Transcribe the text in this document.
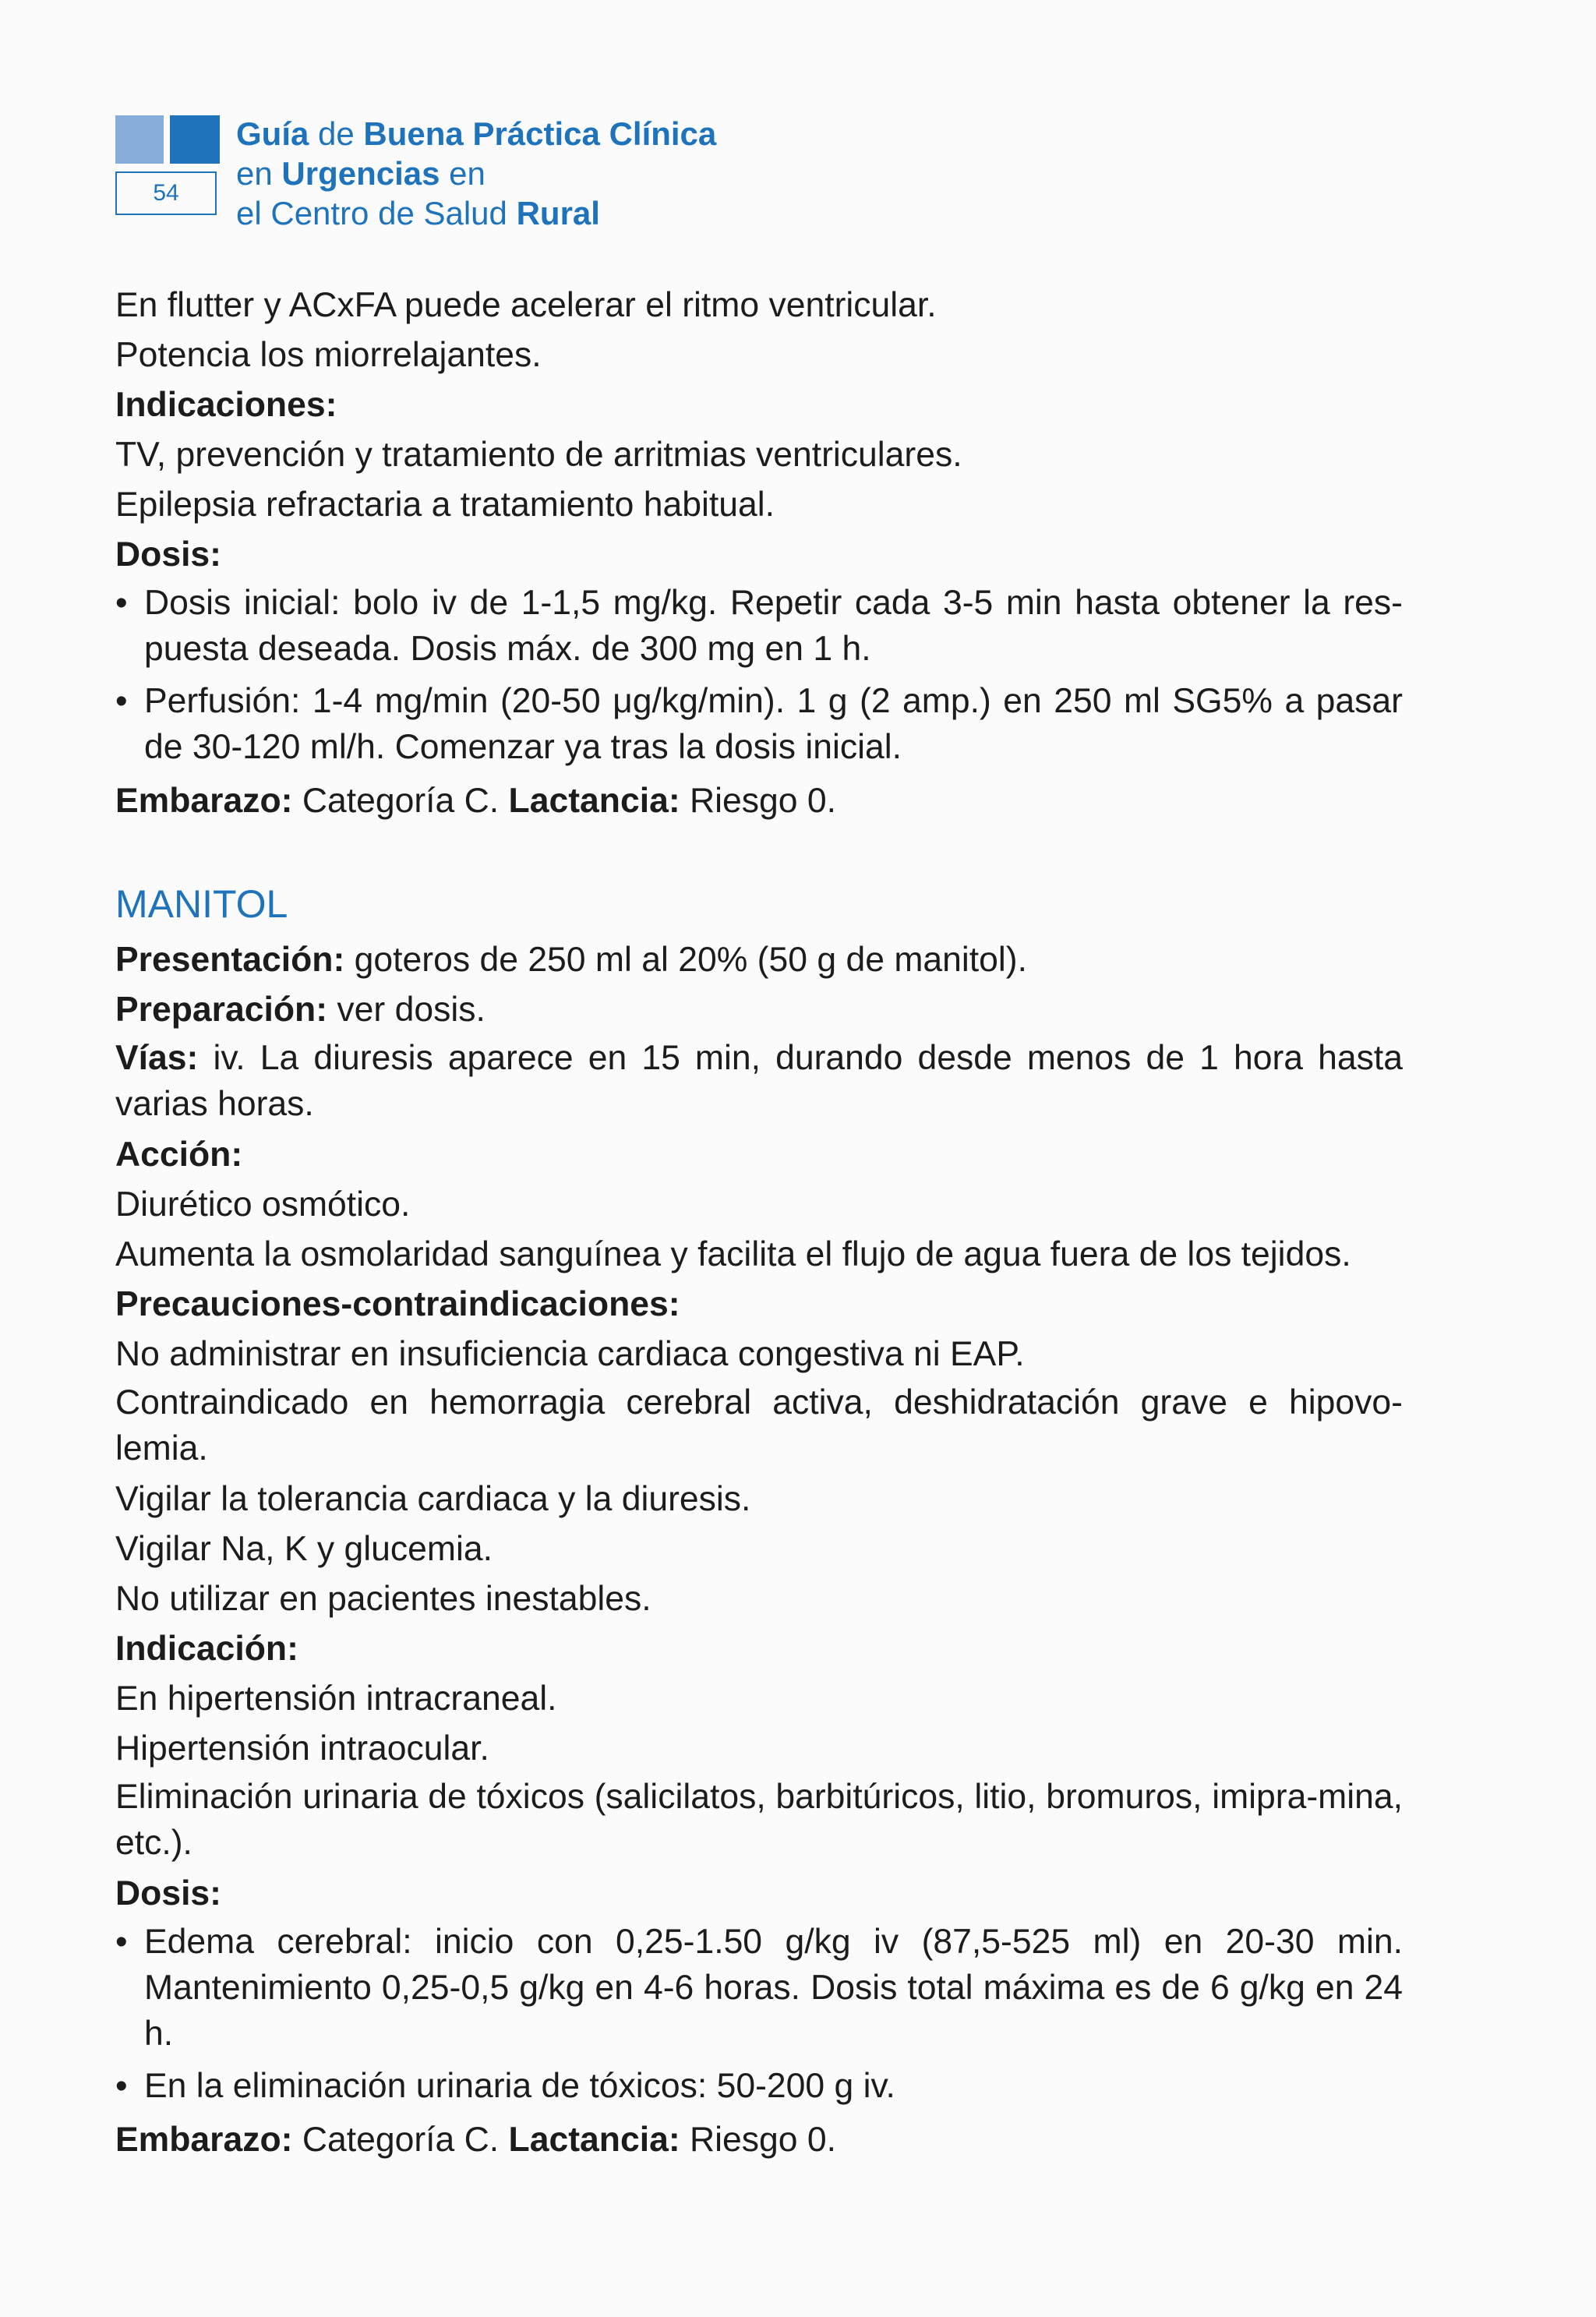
54
Guía de Buena Práctica Clínica
en Urgencias en
el Centro de Salud Rural

En flutter y ACxFA puede acelerar el ritmo ventricular.

Potencia los miorrelajantes.

Indicaciones:

TV, prevención y tratamiento de arritmias ventriculares.

Epilepsia refractaria a tratamiento habitual.

Dosis:

• Dosis inicial: bolo iv de 1-1,5 mg/kg. Repetir cada 3-5 min hasta obtener la res-puesta deseada. Dosis máx. de 300 mg en 1 h.
• Perfusión: 1-4 mg/min (20-50 μg/kg/min). 1 g (2 amp.) en 250 ml SG5% a pasar de 30-120 ml/h. Comenzar ya tras la dosis inicial.

Embarazo: Categoría C. Lactancia: Riesgo 0.

MANITOL

Presentación: goteros de 250 ml al 20% (50 g de manitol).

Preparación: ver dosis.

Vías: iv. La diuresis aparece en 15 min, durando desde menos de 1 hora hasta varias horas.

Acción:

Diurético osmótico.

Aumenta la osmolaridad sanguínea y facilita el flujo de agua fuera de los tejidos.

Precauciones-contraindicaciones:

No administrar en insuficiencia cardiaca congestiva ni EAP.

Contraindicado en hemorragia cerebral activa, deshidratación grave e hipovo-lemia.

Vigilar la tolerancia cardiaca y la diuresis.

Vigilar Na, K y glucemia.

No utilizar en pacientes inestables.

Indicación:

En hipertensión intracraneal.

Hipertensión intraocular.

Eliminación urinaria de tóxicos (salicilatos, barbitúricos, litio, bromuros, imipra-mina, etc.).

Dosis:

• Edema cerebral: inicio con 0,25-1.50 g/kg iv (87,5-525 ml) en 20-30 min. Mantenimiento 0,25-0,5 g/kg en 4-6 horas. Dosis total máxima es de 6 g/kg en 24 h.
• En la eliminación urinaria de tóxicos: 50-200 g iv.

Embarazo: Categoría C. Lactancia: Riesgo 0.
